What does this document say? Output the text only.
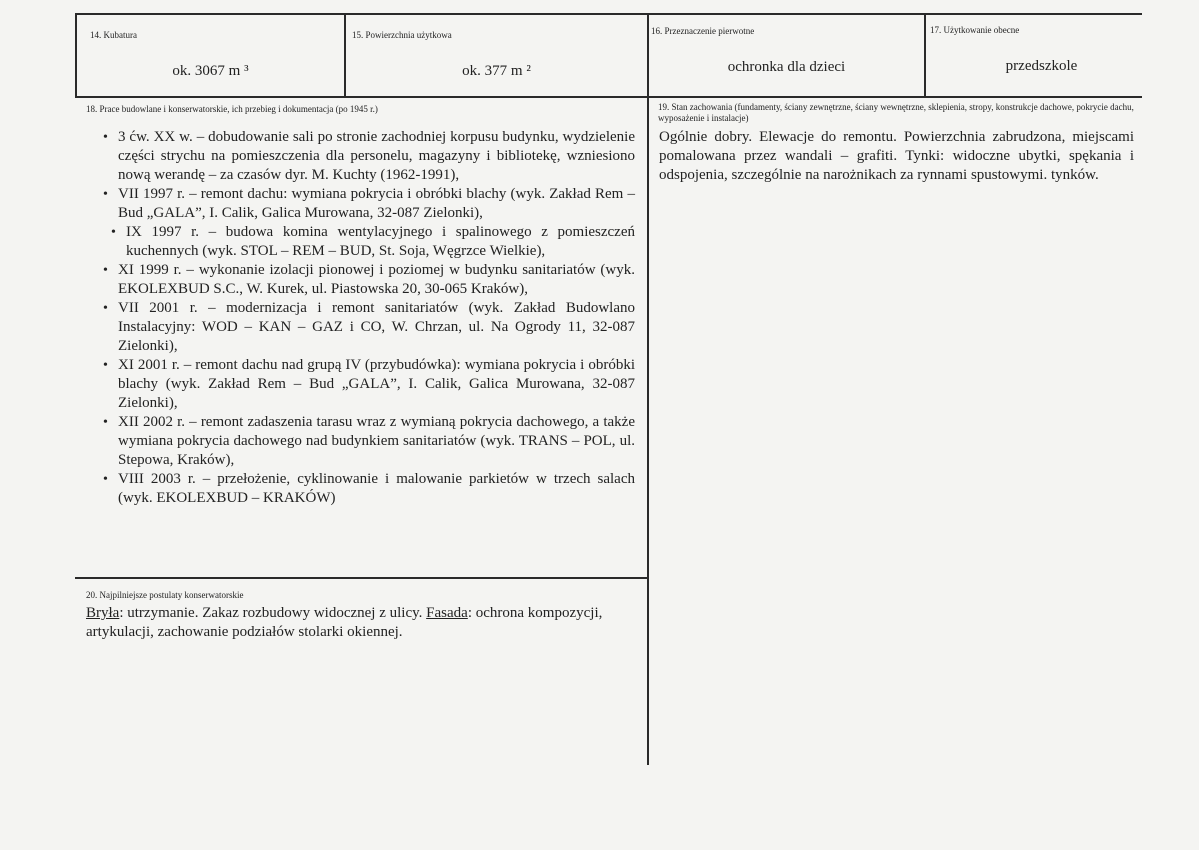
14. Kubatura
ok. 3067 m ³
15. Powierzchnia użytkowa
ok. 377 m ²
16. Przeznaczenie pierwotne
ochronka dla dzieci
17. Użytkowanie obecne
przedszkole
18. Prace budowlane i konserwatorskie, ich przebieg i dokumentacja (po 1945 r.)
• 3 ćw. XX w. – dobudowanie sali po stronie zachodniej korpusu budynku, wydzielenie części strychu na pomieszczenia dla personelu, magazyny i bibliotekę, wzniesiono nową werandę – za czasów dyr. M. Kuchty (1962-1991),
• VII 1997 r. – remont dachu: wymiana pokrycia i obróbki blachy (wyk. Zakład Rem – Bud „GALA”, I. Calik, Galica Murowana, 32-087 Zielonki),
• IX 1997 r. – budowa komina wentylacyjnego i spalinowego z pomieszczeń kuchennych (wyk. STOL – REM – BUD, St. Soja, Węgrzce Wielkie),
• XI 1999 r. – wykonanie izolacji pionowej i poziomej w budynku sanitariatów (wyk. EKOLEXBUD S.C., W. Kurek, ul. Piastowska 20, 30-065 Kraków),
• VII 2001 r. – modernizacja i remont sanitariatów (wyk. Zakład Budowlano Instalacyjny: WOD – KAN – GAZ i CO, W. Chrzan, ul. Na Ogrody 11, 32-087 Zielonki),
• XI 2001 r. – remont dachu nad grupą IV (przybudówka): wymiana pokrycia i obróbki blachy (wyk. Zakład Rem – Bud „GALA”, I. Calik, Galica Murowana, 32-087 Zielonki),
• XII 2002 r. – remont zadaszenia tarasu wraz z wymianą pokrycia dachowego, a także wymiana pokrycia dachowego nad budynkiem sanitariatów (wyk. TRANS – POL, ul. Stepowa, Kraków),
• VIII 2003 r. – przełożenie, cyklinowanie i malowanie parkietów w trzech salach (wyk. EKOLEXBUD – KRAKÓW)
19. Stan zachowania (fundamenty, ściany zewnętrzne, ściany wewnętrzne, sklepienia, stropy, konstrukcje dachowe, pokrycie dachu, wyposażenie i instalacje)
Ogólnie dobry. Elewacje do remontu. Powierzchnia zabrudzona, miejscami pomalowana przez wandali – grafiti. Tynki: widoczne ubytki, spękania i odspojenia, szczególnie na narożnikach za rynnami spustowymi. tynków.
20. Najpilniejsze postulaty konserwatorskie
Bryła: utrzymanie. Zakaz rozbudowy widocznej z ulicy. Fasada: ochrona kompozycji, artykulacji, zachowanie podziałów stolarki okiennej.
